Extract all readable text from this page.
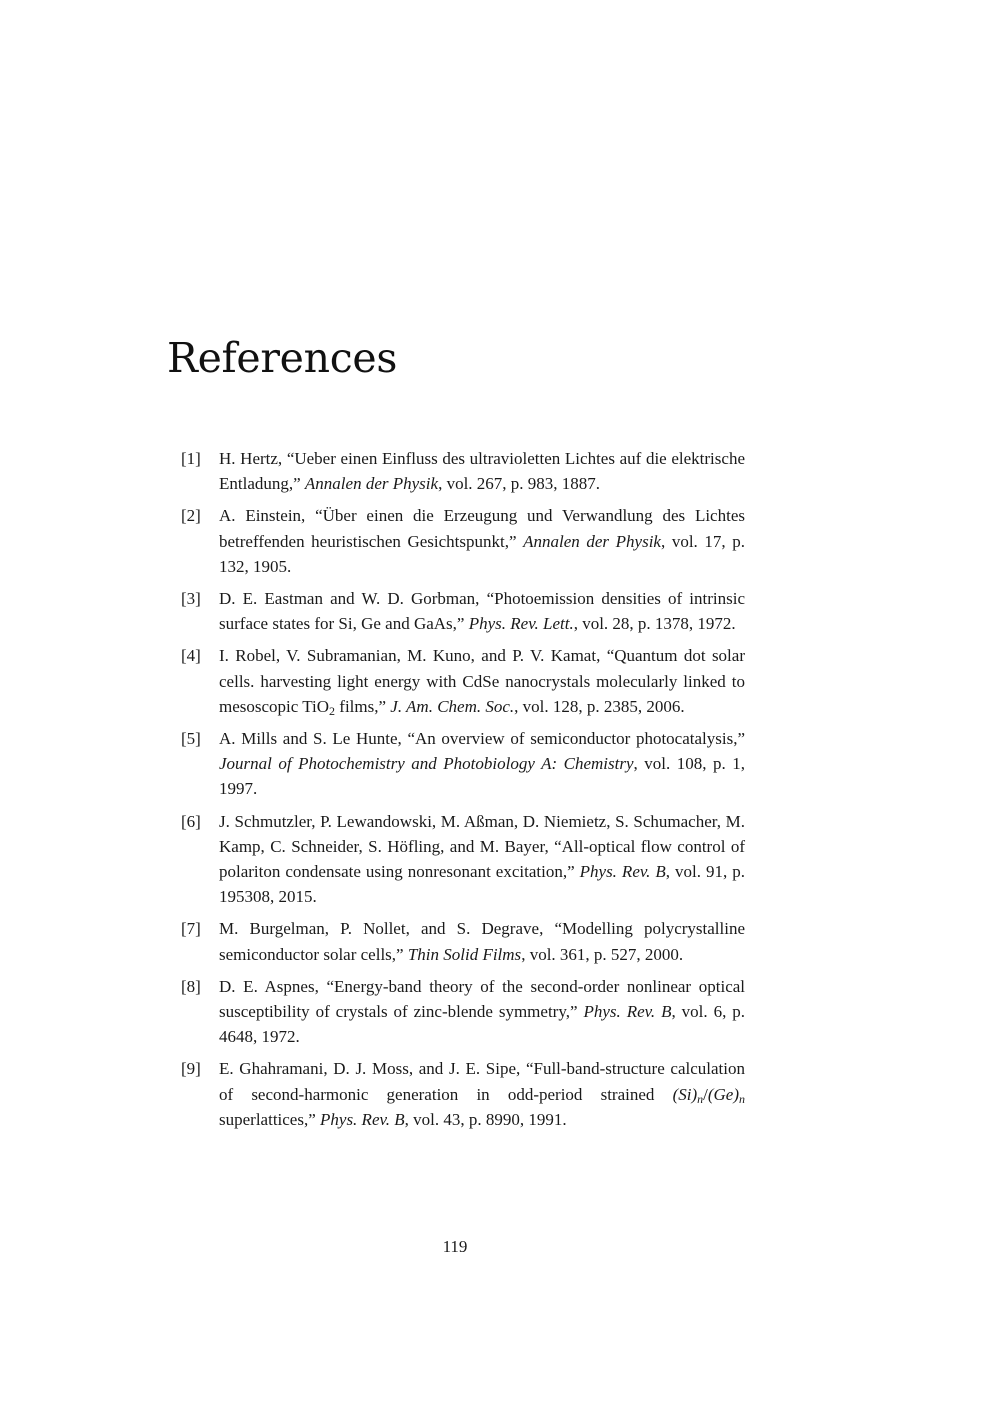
References
[1] H. Hertz, “Ueber einen Einfluss des ultravioletten Lichtes auf die elektrische Entladung,” Annalen der Physik, vol. 267, p. 983, 1887.
[2] A. Einstein, “Über einen die Erzeugung und Verwandlung des Lichtes betreffenden heuristischen Gesichtspunkt,” Annalen der Physik, vol. 17, p. 132, 1905.
[3] D. E. Eastman and W. D. Gorbman, “Photoemission densities of intrinsic surface states for Si, Ge and GaAs,” Phys. Rev. Lett., vol. 28, p. 1378, 1972.
[4] I. Robel, V. Subramanian, M. Kuno, and P. V. Kamat, “Quantum dot solar cells. harvesting light energy with CdSe nanocrystals molecularly linked to mesoscopic TiO$_2$ films,” J. Am. Chem. Soc., vol. 128, p. 2385, 2006.
[5] A. Mills and S. Le Hunte, “An overview of semiconductor photocatalysis,” Journal of Photochemistry and Photobiology A: Chemistry, vol. 108, p. 1, 1997.
[6] J. Schmutzler, P. Lewandowski, M. Aßman, D. Niemietz, S. Schumacher, M. Kamp, C. Schneider, S. Höfling, and M. Bayer, “All-optical flow control of polariton condensate using nonresonant excitation,” Phys. Rev. B, vol. 91, p. 195308, 2015.
[7] M. Burgelman, P. Nollet, and S. Degrave, “Modelling polycrystalline semiconductor solar cells,” Thin Solid Films, vol. 361, p. 527, 2000.
[8] D. E. Aspnes, “Energy-band theory of the second-order nonlinear optical susceptibility of crystals of zinc-blende symmetry,” Phys. Rev. B, vol. 6, p. 4648, 1972.
[9] E. Ghahramani, D. J. Moss, and J. E. Sipe, “Full-band-structure calculation of second-harmonic generation in odd-period strained $(Si)_n/(Ge)_n$ superlattices,” Phys. Rev. B, vol. 43, p. 8990, 1991.
119
